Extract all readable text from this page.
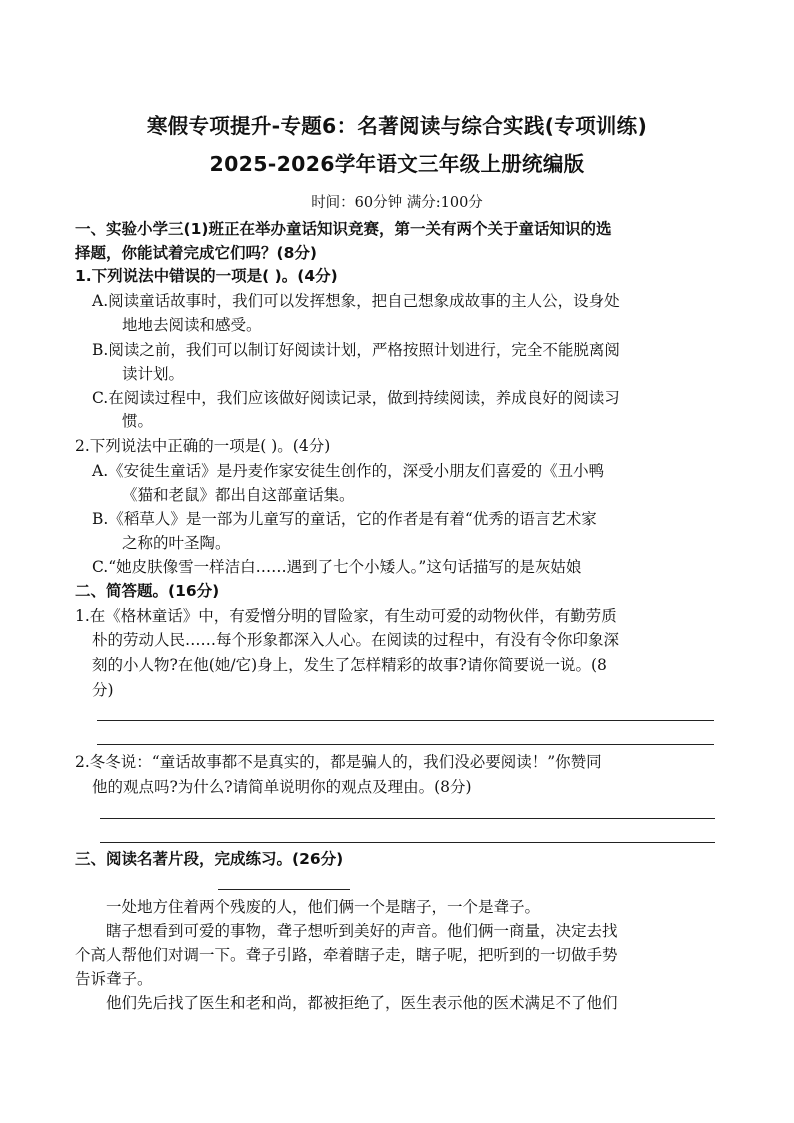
寒假专项提升-专题6：名著阅读与综合实践(专项训练)
2025-2026学年语文三年级上册统编版
时间：60分钟 满分:100分
一、实验小学三(1)班正在举办童话知识竞赛，第一关有两个关于童话知识的选
择题，你能试着完成它们吗？(8分)
1.下列说法中错误的一项是( )。(4分)
A.阅读童话故事时，我们可以发挥想象，把自己想象成故事的主人公，设身处
地地去阅读和感受。
B.阅读之前，我们可以制订好阅读计划，严格按照计划进行，完全不能脱离阅
读计划。
C.在阅读过程中，我们应该做好阅读记录，做到持续阅读，养成良好的阅读习
惯。
2.下列说法中正确的一项是( )。(4分)
A.《安徒生童话》是丹麦作家安徒生创作的，深受小朋友们喜爱的《丑小鸭
《猫和老鼠》都出自这部童话集。
B.《稻草人》是一部为儿童写的童话，它的作者是有着“优秀的语言艺术家
之称的叶圣陶。
C.“她皮肤像雪一样洁白……遇到了七个小矮人。”这句话描写的是灰姑娘
二、简答题。(16分)
1.在《格林童话》中，有爱憎分明的冒险家，有生动可爱的动物伙伴，有勤劳质
朴的劳动人民……每个形象都深入人心。在阅读的过程中，有没有令你印象深
刻的小人物?在他(她/它)身上，发生了怎样精彩的故事?请你简要说一说。(8
分)
2.冬冬说：“童话故事都不是真实的，都是骗人的，我们没必要阅读！”你赞同
他的观点吗?为什么?请简单说明你的观点及理由。(8分)
三、阅读名著片段，完成练习。(26分)
一处地方住着两个残废的人，他们俩一个是瞎子，一个是聋子。
瞎子想看到可爱的事物，聋子想听到美好的声音。他们俩一商量，决定去找
个高人帮他们对调一下。聋子引路，牵着瞎子走，瞎子呢，把听到的一切做手势
告诉聋子。
他们先后找了医生和老和尚，都被拒绝了，医生表示他的医术满足不了他们
